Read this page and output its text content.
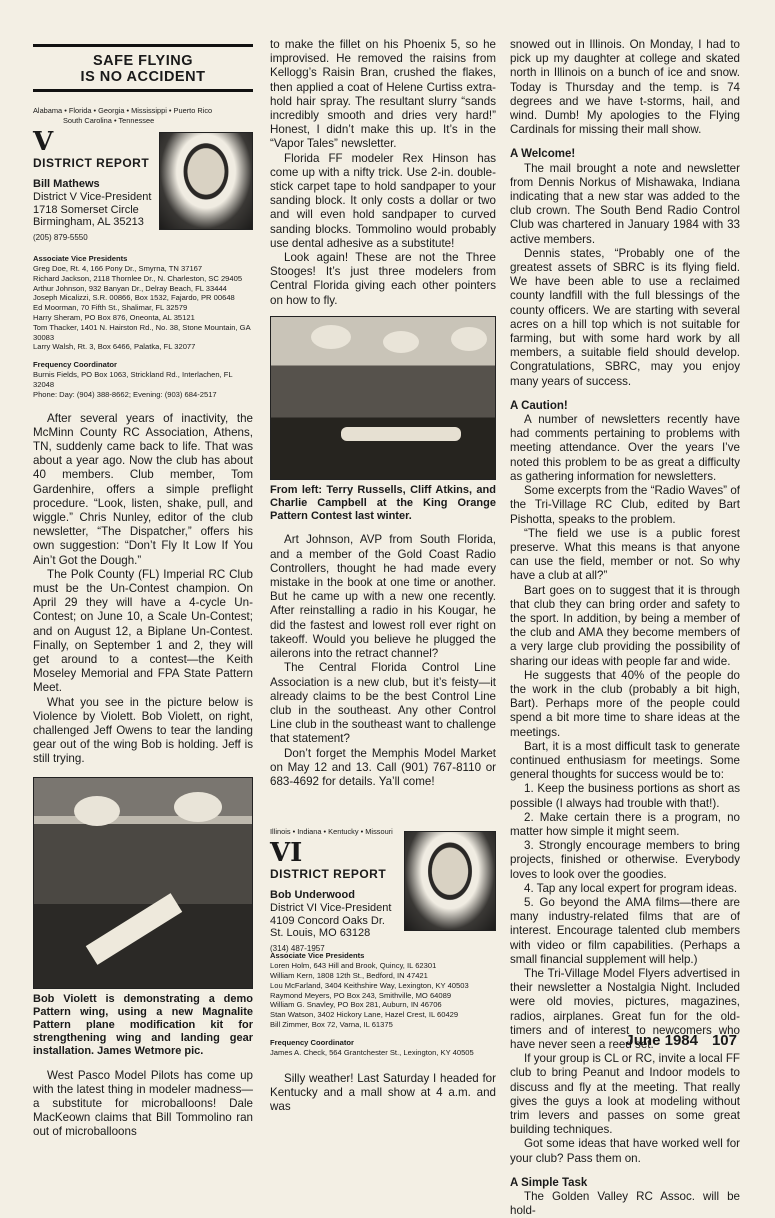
SAFE FLYING
IS NO ACCIDENT
Alabama • Florida • Georgia • Mississippi • Puerto Rico
South Carolina • Tennessee
V
DISTRICT REPORT
Bill Mathews
District V Vice-President
1718 Somerset Circle
Birmingham, AL 35213
(205) 879-5550
Associate Vice Presidents
Greg Doe, Rt. 4, 166 Pony Dr., Smyrna, TN 37167
Richard Jackson, 2118 Thornlee Dr., N. Charleston, SC 29405
Arthur Johnson, 932 Banyan Dr., Delray Beach, FL 33444
Joseph Micalizzi, S.R. 00866, Box 1532, Fajardo, PR 00648
Ed Moorman, 70 Fifth St., Shalimar, FL 32579
Harry Sheram, PO Box 876, Oneonta, AL 35121
Tom Thacker, 1401 N. Hairston Rd., No. 38, Stone Mountain, GA 30083
Larry Walsh, Rt. 3, Box 6466, Palatka, FL 32077
Frequency Coordinator
Burnis Fields, PO Box 1063, Strickland Rd., Interlachen, FL 32048
Phone: Day: (904) 388-8662; Evening: (903) 684-2517

After several years of inactivity, the McMinn County RC Association, Athens, TN, suddenly came back to life. That was about a year ago. Now the club has about 40 members. Club member, Tom Gardenhire, offers a simple preflight procedure. “Look, listen, shake, pull, and wiggle.” Chris Nunley, editor of the club newsletter, “The Dispatcher,” offers his own suggestion: “Don’t Fly It Low If You Ain’t Got the Dough.”

The Polk County (FL) Imperial RC Club must be the Un-Contest champion. On April 29 they will have a 4-cycle Un-Contest; on June 10, a Scale Un-Contest; and on August 12, a Biplane Un-Contest. Finally, on September 1 and 2, they will get around to a contest—the Keith Moseley Memorial and FPA State Pattern Meet.

What you see in the picture below is Violence by Violett. Bob Violett, on right, challenged Jeff Owens to tear the landing gear out of the wing Bob is holding. Jeff is still trying.

Bob Violett is demonstrating a demo Pattern wing, using a new Magnalite Pattern plane modification kit for strengthening wing and landing gear installation. James Wetmore pic.

West Pasco Model Pilots has come up with the latest thing in modeler madness—a substitute for microballoons! Dale MacKeown claims that Bill Tommolino ran out of microballoons

to make the fillet on his Phoenix 5, so he improvised. He removed the raisins from Kellogg’s Raisin Bran, crushed the flakes, then applied a coat of Helene Curtiss extra-hold hair spray. The resultant slurry “sands incredibly smooth and dries very hard!” Honest, I didn’t make this up. It’s in the “Vapor Tales” newsletter.

Florida FF modeler Rex Hinson has come up with a nifty trick. Use 2-in. double-stick carpet tape to hold sandpaper to your sanding block. It only costs a dollar or two and will even hold sandpaper to curved sanding blocks. Tommolino would probably use dental adhesive as a substitute!

Look again! These are not the Three Stooges! It’s just three modelers from Central Florida giving each other pointers on how to fly.

From left: Terry Russells, Cliff Atkins, and Charlie Campbell at the King Orange Pattern Contest last winter.

Art Johnson, AVP from South Florida, and a member of the Gold Coast Radio Controllers, thought he had made every mistake in the book at one time or another. But he came up with a new one recently. After reinstalling a radio in his Kougar, he did the fastest and lowest roll ever right on takeoff. Would you believe he plugged the ailerons into the retract channel?

The Central Florida Control Line Association is a new club, but it’s feisty—it already claims to be the best Control Line club in the southeast. Any other Control Line club in the southeast want to challenge that statement?

Don’t forget the Memphis Model Market on May 12 and 13. Call (901) 767-8110 or 683-4692 for details. Ya’ll come!

Illinois • Indiana • Kentucky • Missouri
VI
DISTRICT REPORT
Bob Underwood
District VI Vice-President
4109 Concord Oaks Dr.
St. Louis, MO 63128
(314) 487-1957
Associate Vice Presidents
Loren Holm, 643 Hill and Brook, Quincy, IL 62301
William Kern, 1808 12th St., Bedford, IN 47421
Lou McFarland, 3404 Keithshire Way, Lexington, KY 40503
Raymond Meyers, PO Box 243, Smithville, MO 64089
William G. Snavley, PO Box 281, Auburn, IN 46706
Stan Watson, 3402 Hickory Lane, Hazel Crest, IL 60429
Bill Zimmer, Box 72, Varna, IL 61375
Frequency Coordinator
James A. Check, 564 Grantchester St., Lexington, KY 40505

Silly weather! Last Saturday I headed for Kentucky and a mall show at 4 a.m. and was

snowed out in Illinois. On Monday, I had to pick up my daughter at college and skated north in Illinois on a bunch of ice and snow. Today is Thursday and the temp. is 74 degrees and we have t-storms, hail, and wind. Dumb! My apologies to the Flying Cardinals for missing their mall show.

A Welcome!

The mail brought a note and newsletter from Dennis Norkus of Mishawaka, Indiana indicating that a new star was added to the club crown. The South Bend Radio Control Club was chartered in January 1984 with 33 active members.

Dennis states, “Probably one of the greatest assets of SBRC is its flying field. We have been able to use a reclaimed county landfill with the full blessings of the county officers. We are starting with several acres on a hill top which is not suitable for farming, but with some hard work by all members, a suitable field should develop. Congratulations, SBRC, may you enjoy many years of success.

A Caution!

A number of newsletters recently have had comments pertaining to problems with meeting attendance. Over the years I’ve noted this problem to be as great a difficulty as gathering information for newsletters.

Some excerpts from the “Radio Waves” of the Tri-Village RC Club, edited by Bart Pishotta, speaks to the problem.

“The field we use is a public forest preserve. What this means is that anyone can use the field, member or not. So why have a club at all?”

Bart goes on to suggest that it is through that club they can bring order and safety to the sport. In addition, by being a member of the club and AMA they become members of a very large club providing the possibility of sharing our ideas with people far and wide.

He suggests that 40% of the people do the work in the club (probably a bit high, Bart). Perhaps more of the people could spend a bit more time to share ideas at the meetings.

Bart, it is a most difficult task to generate continued enthusiasm for meetings. Some general thoughts for success would be to:

1. Keep the business portions as short as possible (I always had trouble with that!).

2. Make certain there is a program, no matter how simple it might seem.

3. Strongly encourage members to bring projects, finished or otherwise. Everybody loves to look over the goodies.

4. Tap any local expert for program ideas.

5. Go beyond the AMA films—there are many industry-related films that are of interest. Encourage talented club members with video or film capabilities. (Perhaps a small financial supplement will help.)

The Tri-Village Model Flyers advertised in their newsletter a Nostalgia Night. Included were old movies, pictures, magazines, radios, airplanes. Great fun for the old-timers and of interest to newcomers who have never seen a reed set.

If your group is CL or RC, invite a local FF club to bring Peanut and Indoor models to discuss and fly at the meeting. That really gives the guys a look at modeling without trim levers and passes on some great building techniques.

Got some ideas that have worked well for your club? Pass them on.

A Simple Task

The Golden Valley RC Assoc. will be hold-

June 1984 107
